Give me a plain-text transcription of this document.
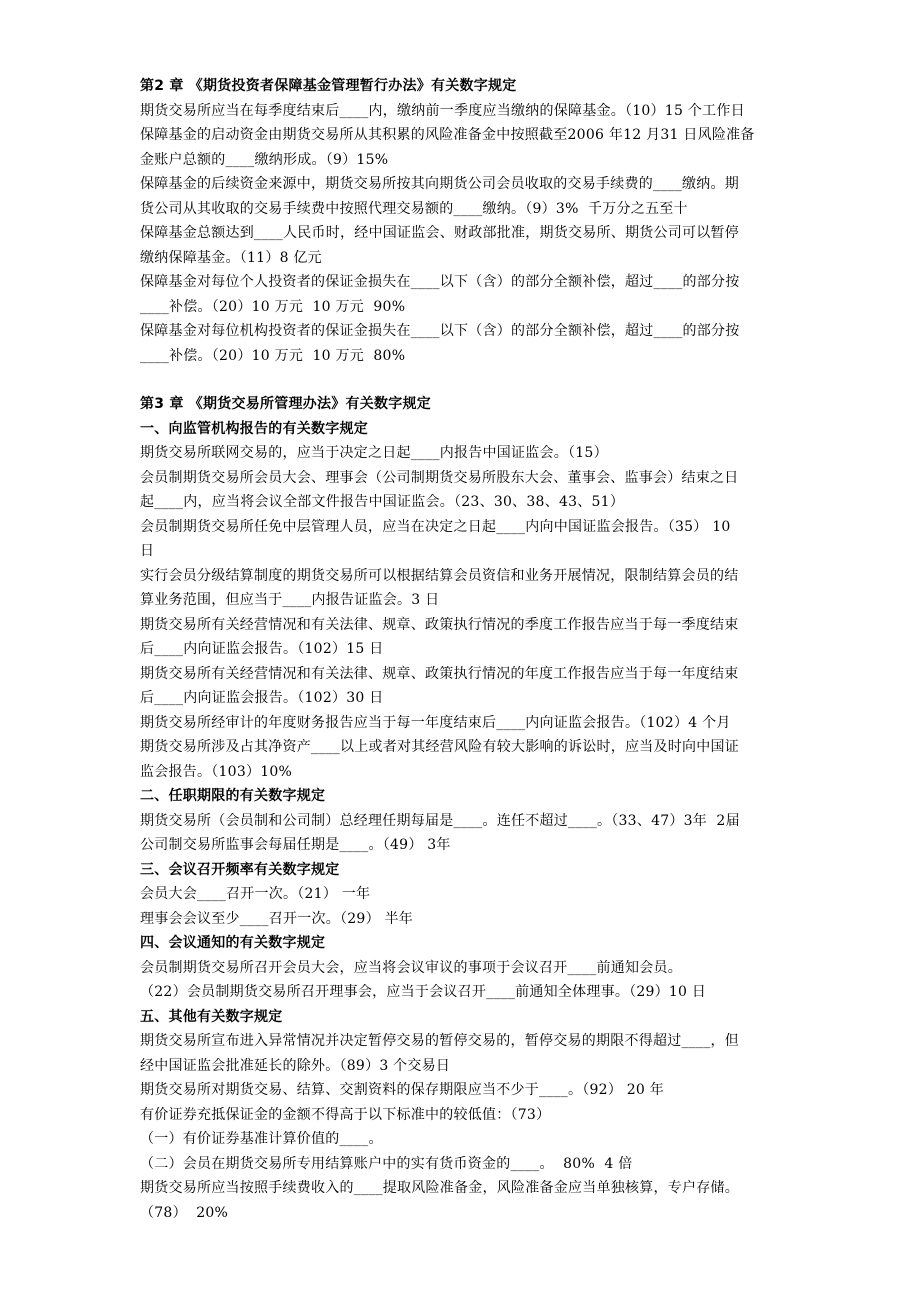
第2 章 《期货投资者保障基金管理暂行办法》有关数字规定
期货交易所应当在每季度结束后____内，缴纳前一季度应当缴纳的保障基金。（10）15 个工作日
保障基金的启动资金由期货交易所从其积累的风险准备金中按照截至2006 年12 月31 日风险准备
金账户总额的____缴纳形成。（9）15%
保障基金的后续资金来源中，期货交易所按其向期货公司会员收取的交易手续费的____缴纳。期
货公司从其收取的交易手续费中按照代理交易额的____缴纳。（9）3%  千万分之五至十
保障基金总额达到____人民币时，经中国证监会、财政部批准，期货交易所、期货公司可以暂停
缴纳保障基金。（11）8 亿元
保障基金对每位个人投资者的保证金损失在____以下（含）的部分全额补偿，超过____的部分按
____补偿。（20）10 万元  10 万元  90%
保障基金对每位机构投资者的保证金损失在____以下（含）的部分全额补偿，超过____的部分按
____补偿。（20）10 万元  10 万元  80%
第3 章 《期货交易所管理办法》有关数字规定
一、向监管机构报告的有关数字规定
期货交易所联网交易的，应当于决定之日起____内报告中国证监会。（15）
会员制期货交易所会员大会、理事会（公司制期货交易所股东大会、董事会、监事会）结束之日
起____内，应当将会议全部文件报告中国证监会。（23、30、38、43、51）
会员制期货交易所任免中层管理人员，应当在决定之日起____内向中国证监会报告。（35） 10
日
实行会员分级结算制度的期货交易所可以根据结算会员资信和业务开展情况，限制结算会员的结
算业务范围，但应当于____内报告证监会。3 日
期货交易所有关经营情况和有关法律、规章、政策执行情况的季度工作报告应当于每一季度结束
后____内向证监会报告。（102）15 日
期货交易所有关经营情况和有关法律、规章、政策执行情况的年度工作报告应当于每一年度结束
后____内向证监会报告。（102）30 日
期货交易所经审计的年度财务报告应当于每一年度结束后____内向证监会报告。（102）4 个月
期货交易所涉及占其净资产____以上或者对其经营风险有较大影响的诉讼时，应当及时向中国证
监会报告。（103）10%
二、任职期限的有关数字规定
期货交易所（会员制和公司制）总经理任期每届是____。连任不超过____。（33、47）3年  2届
公司制交易所监事会每届任期是____。（49） 3年
三、会议召开频率有关数字规定
会员大会____召开一次。（21） 一年
理事会会议至少____召开一次。（29） 半年
四、会议通知的有关数字规定
会员制期货交易所召开会员大会，应当将会议审议的事项于会议召开____前通知会员。
（22）会员制期货交易所召开理事会，应当于会议召开____前通知全体理事。（29）10 日
五、其他有关数字规定
期货交易所宣布进入异常情况并决定暂停交易的暂停交易的，暂停交易的期限不得超过____，但
经中国证监会批准延长的除外。（89）3 个交易日
期货交易所对期货交易、结算、交割资料的保存期限应当不少于____。（92） 20 年
有价证券充抵保证金的金额不得高于以下标准中的较低值：（73）
（一）有价证券基准计算价值的____。
（二）会员在期货交易所专用结算账户中的实有货币资金的____。  80%  4 倍
期货交易所应当按照手续费收入的____提取风险准备金，风险准备金应当单独核算，专户存储。
（78）  20%
